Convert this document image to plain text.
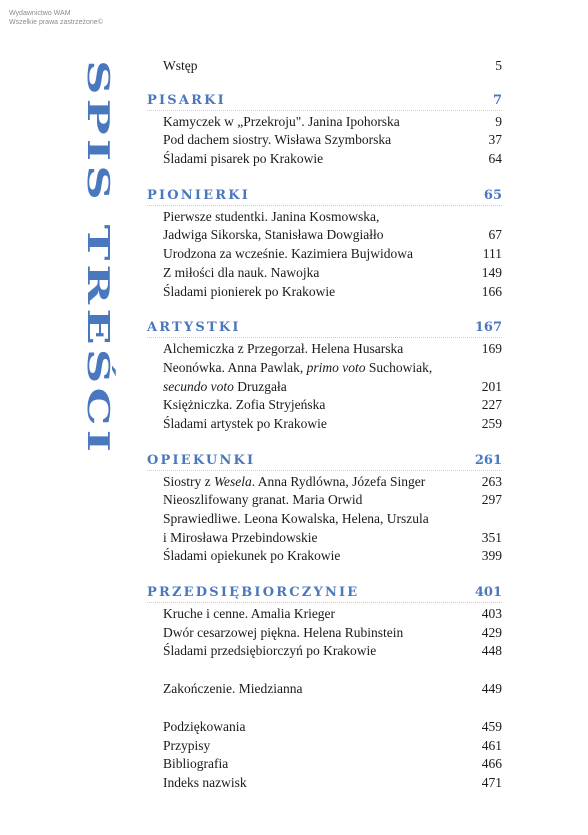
Wydawnictwo WAM
Wszelkie prawa zastrzeżone©
SPIS TREŚCI	Wstęp	5
PISARKI	7
Kamyczek w „Przekroju". Janina Ipohorska	9
Pod dachem siostry. Wisława Szymborska	37
Śladami pisarek po Krakowie	64
PIONIERKI	65
Pierwsze studentki. Janina Kosmowska,
Jadwiga Sikorska, Stanisława Dowgiałło	67
Urodzona za wcześnie. Kazimiera Bujwidowa	111
Z miłości dla nauk. Nawojka	149
Śladami pionierek po Krakowie	166
ARTYSTKI	167
Alchemiczka z Przegorzał. Helena Husarska	169
Neonówka. Anna Pawlak, primo voto Suchowiak,
secundo voto Druzgała	201
Księżniczka. Zofia Stryjeńska	227
Śladami artystek po Krakowie	259
OPIEKUNKI	261
Siostry z Wesela. Anna Rydlówna, Józefa Singer	263
Nieoszlifowany granat. Maria Orwid	297
Sprawiedliwe. Leona Kowalska, Helena, Urszula
i Mirosława Przebindowskie	351
Śladami opiekunek po Krakowie	399
PRZEDSIĘBIORCZYNIE	401
Kruche i cenne. Amalia Krieger	403
Dwór cesarzowej piękna. Helena Rubinstein	429
Śladami przedsiębiorczyń po Krakowie	448
Zakończenie. Miedzianna	449
Podziękowania	459
Przypisy	461
Bibliografia	466
Indeks nazwisk	471
